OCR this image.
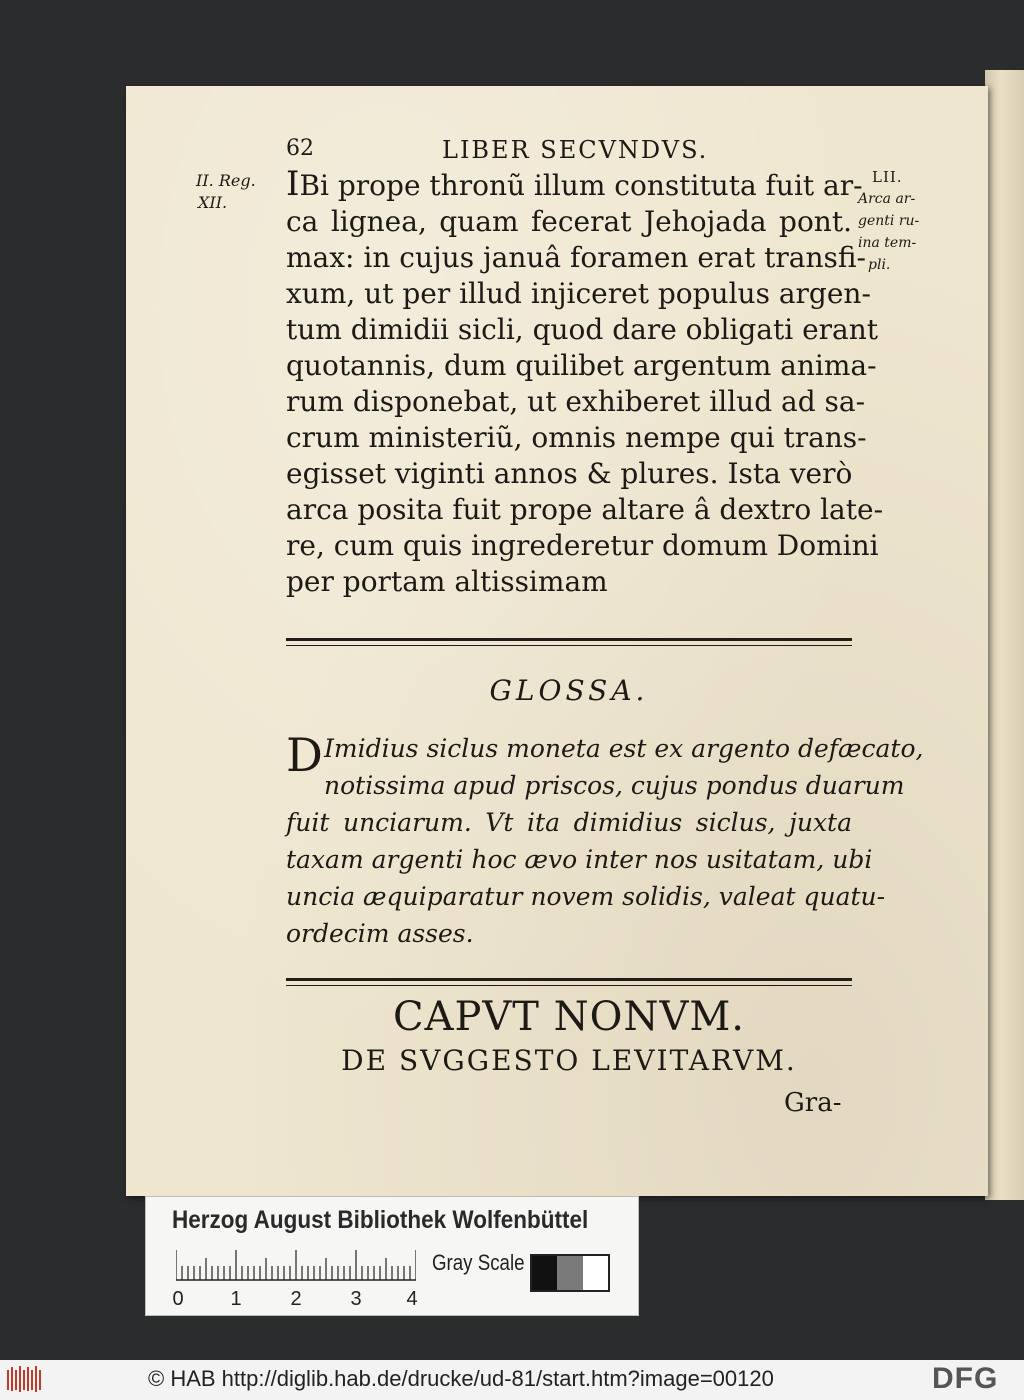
62	LIBER SECVNDVS.
II. Reg.
XII.
LII.
Arca ar-
genti ru-
ina tem-
pli.
IBi prope thronũ illum constituta fuit ar-
ca lignea, quam fecerat Jehojada pont.
max: in cujus januâ foramen erat transfi-
xum, ut per illud injiceret populus argen-
tum dimidii sicli, quod dare obligati erant
quotannis, dum quilibet argentum anima-
rum disponebat, ut exhiberet illud ad sa-
crum ministeriũ, omnis nempe qui trans-
egisset viginti annos & plures. Ista verò
arca posita fuit prope altare â dextro late-
re, cum quis ingrederetur domum Domini
per portam altissimam
GLOSSA.
D Imidius siclus moneta est ex argento defæcato,
notissima apud priscos, cujus pondus duarum
fuit unciarum. Vt ita dimidius siclus, juxta
taxam argenti hoc ævo inter nos usitatam, ubi
uncia æquiparatur novem solidis, valeat quatu-
ordecim asses.
CAPVT NONVM.
DE SVGGESTO LEVITARVM.
Gra-
Herzog August Bibliothek Wolfenbüttel
0 1 2 3 4
Gray Scale
© HAB http://diglib.hab.de/drucke/ud-81/start.htm?image=00120	DFG
